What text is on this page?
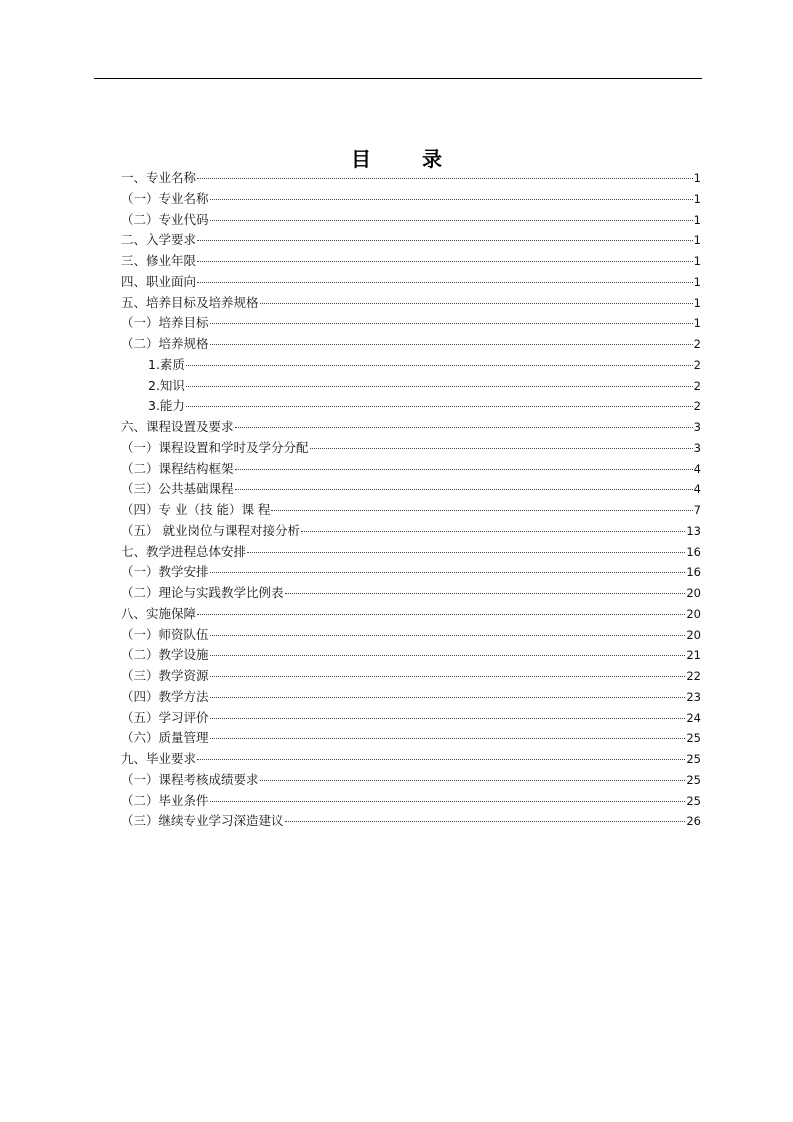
目 录
一、专业名称	1
（一）专业名称	1
（二）专业代码	1
二、入学要求	1
三、修业年限	1
四、职业面向	1
五、培养目标及培养规格	1
（一）培养目标	1
（二）培养规格	2
1.素质	2
2.知识	2
3.能力	2
六、课程设置及要求	3
（一）课程设置和学时及学分分配	3
（二）课程结构框架	4
（三）公共基础课程	4
（四）专 业（技 能）课 程	7
（五） 就业岗位与课程对接分析	13
七、教学进程总体安排	16
（一）教学安排	16
（二）理论与实践教学比例表	20
八、实施保障	20
（一）师资队伍	20
（二）教学设施	21
（三）教学资源	22
（四）教学方法	23
（五）学习评价	24
（六）质量管理	25
九、毕业要求	25
（一）课程考核成绩要求	25
（二）毕业条件	25
（三）继续专业学习深造建议	26
